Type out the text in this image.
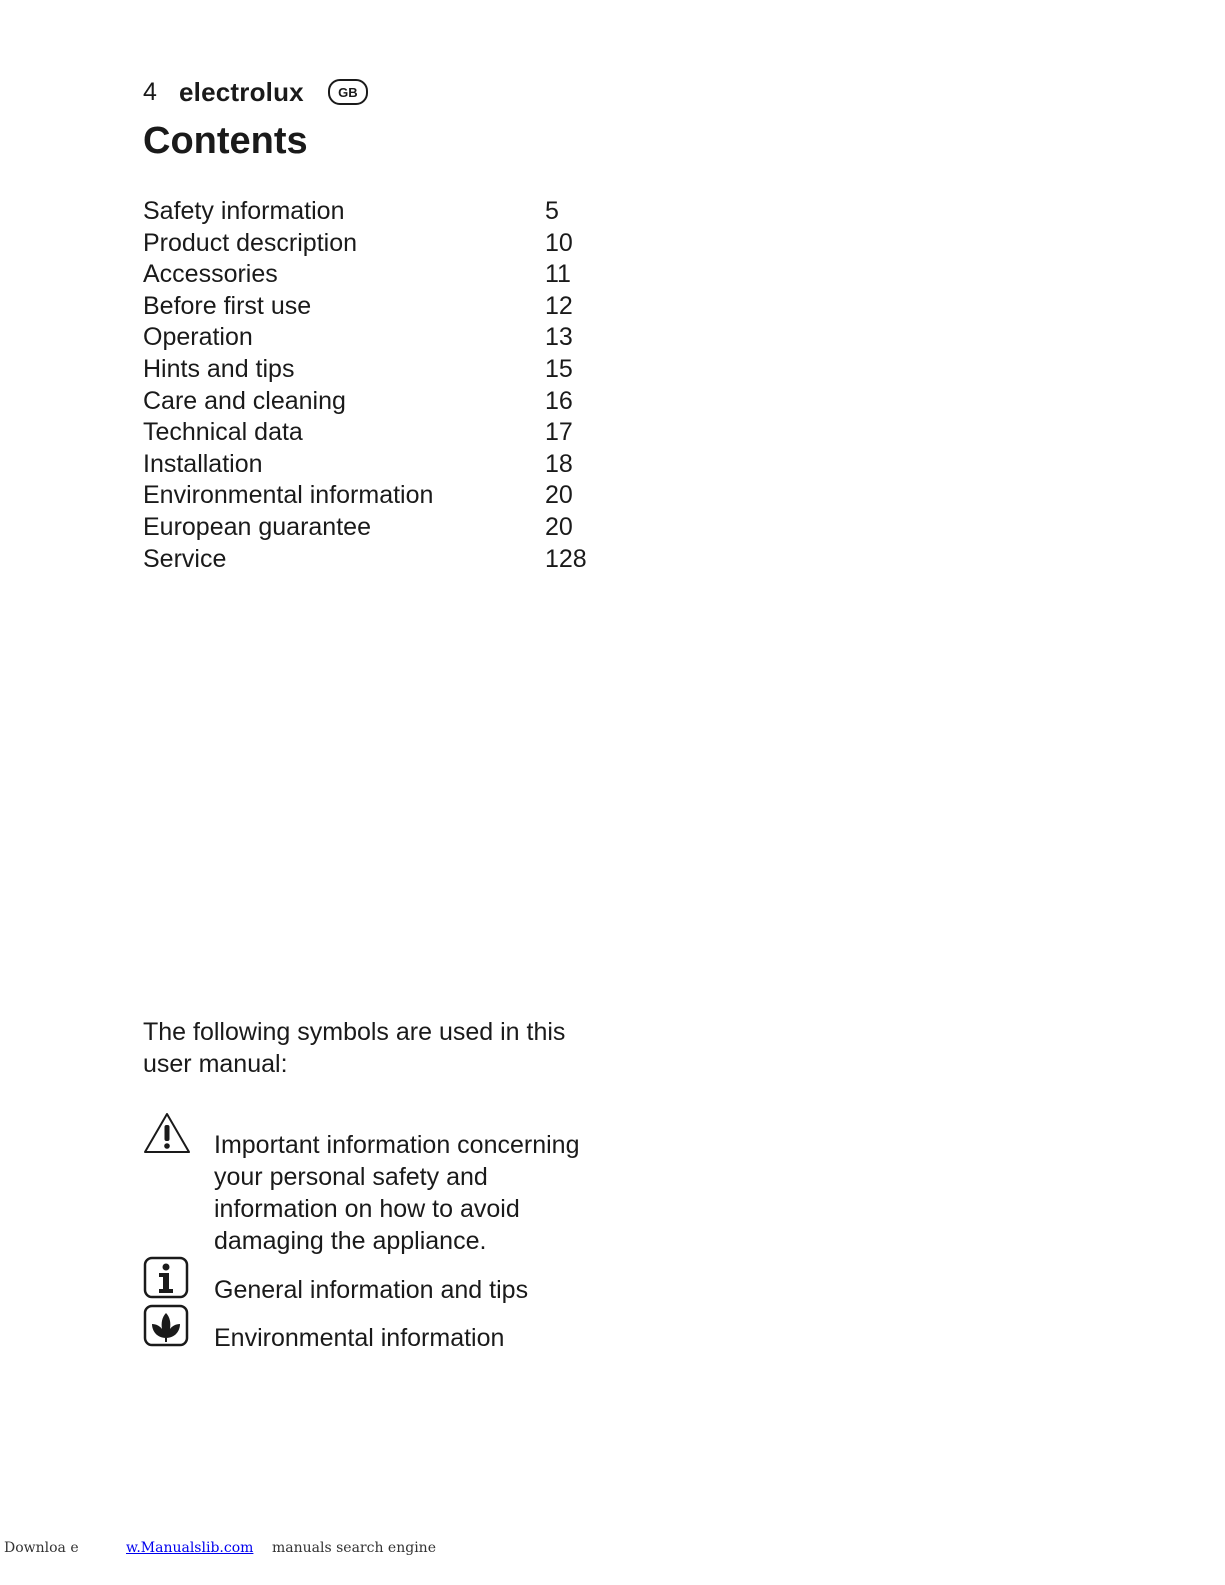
4 electrolux	GB
Contents
Safety information	5
Product description	10
Accessories	11
Before first use	12
Operation	13
Hints and tips	15
Care and cleaning	16
Technical data	17
Installation	18
Environmental information	20
European guarantee	20
Service	128
The following symbols are used in this user manual:
Important information concerning your personal safety and information on how to avoid damaging the appliance.
General information and tips
Environmental information
Downloa e	w.Manualslib.com manuals search engine
